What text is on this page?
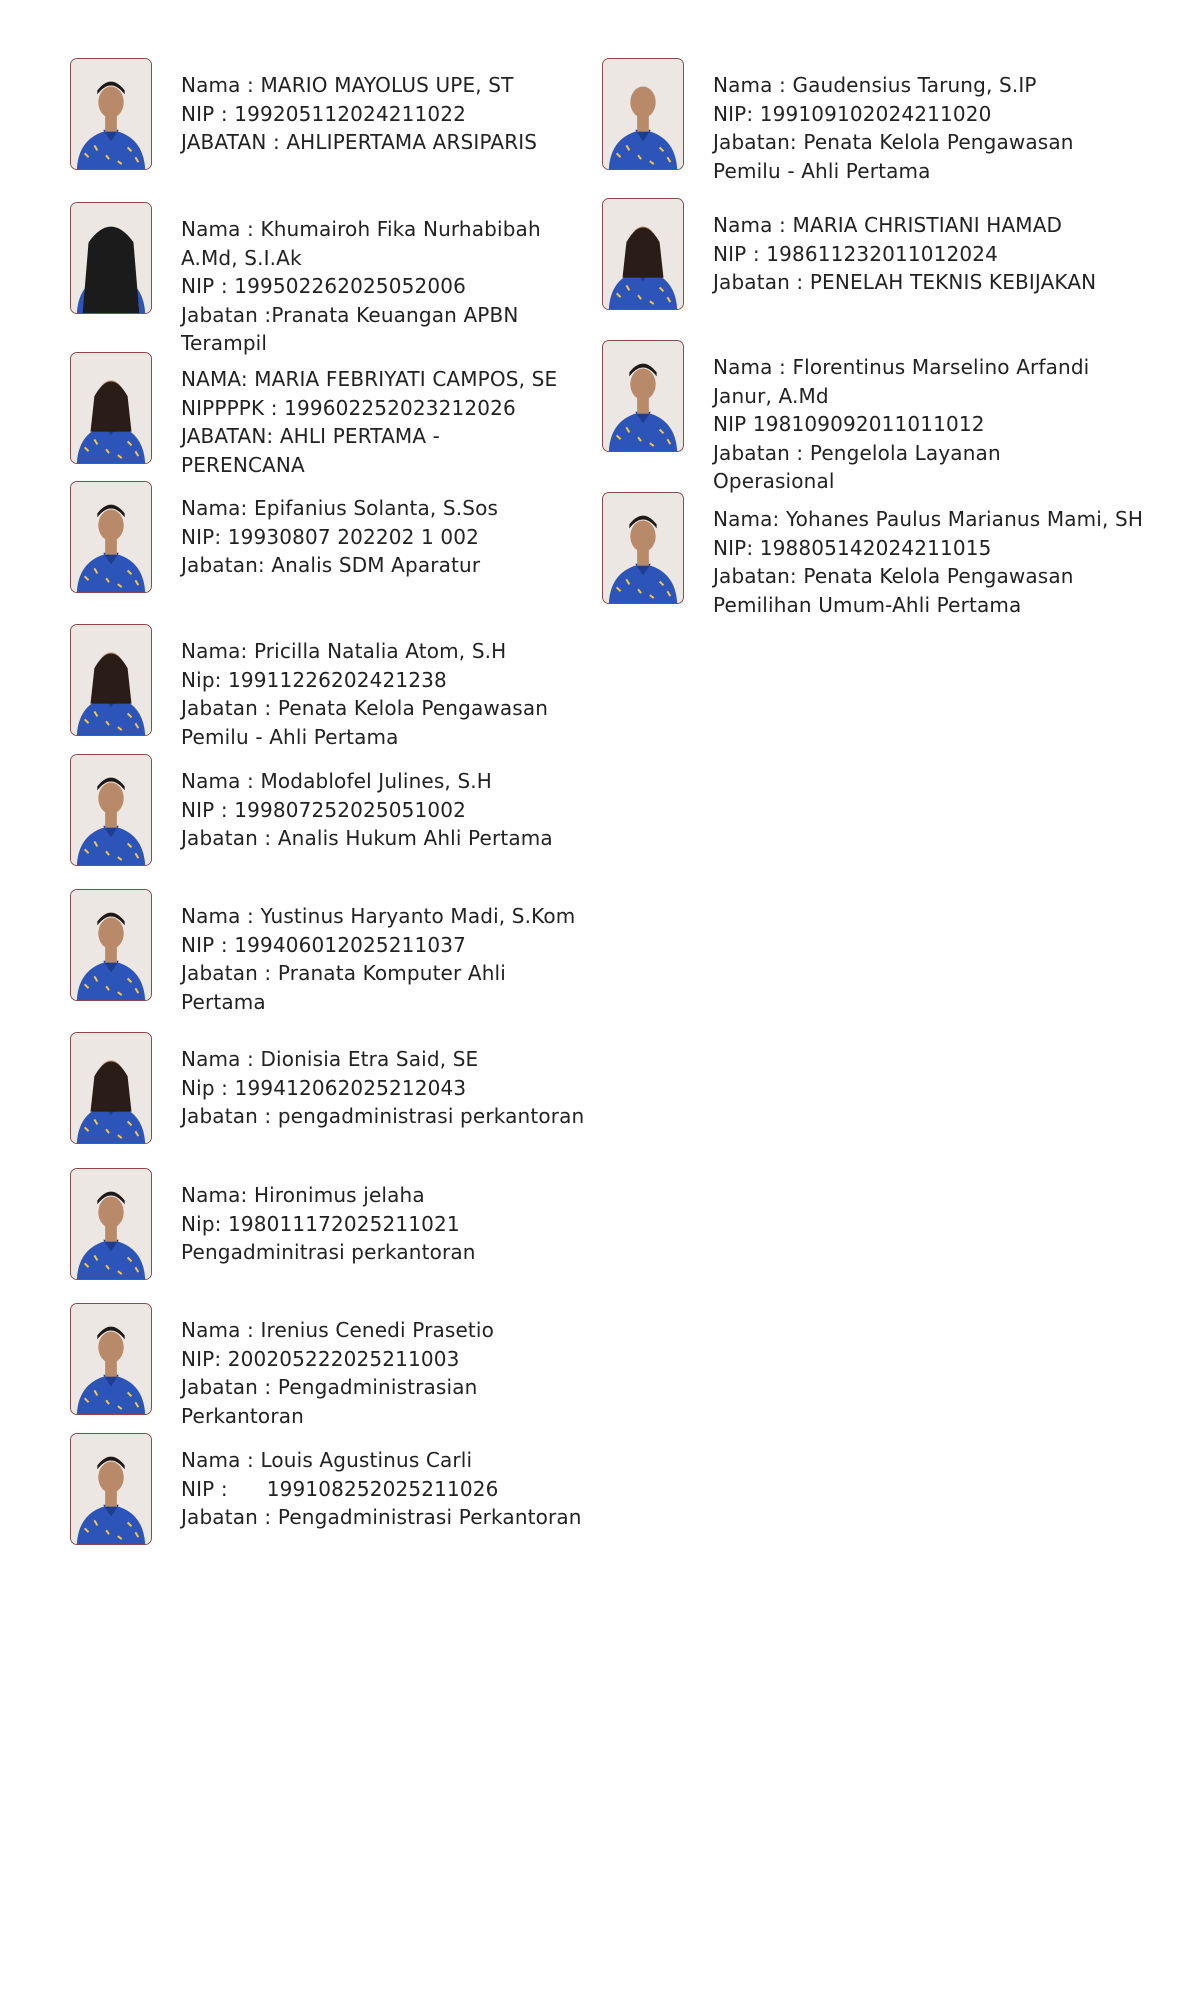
Nama : MARIO MAYOLUS UPE, ST
NIP : 199205112024211022
JABATAN : AHLIPERTAMA ARSIPARIS
Nama : Khumairoh Fika Nurhabibah
A.Md, S.I.Ak
NIP : 199502262025052006
Jabatan :Pranata Keuangan APBN
Terampil
NAMA: MARIA FEBRIYATI CAMPOS, SE
NIPPPPK : 199602252023212026
JABATAN: AHLI PERTAMA -
PERENCANA
Nama: Epifanius Solanta, S.Sos
NIP: 19930807 202202 1 002
Jabatan: Analis SDM Aparatur
Nama: Pricilla Natalia Atom, S.H
Nip: 19911226202421238
Jabatan : Penata Kelola Pengawasan
Pemilu - Ahli Pertama
Nama : Modablofel Julines, S.H
NIP : 199807252025051002
Jabatan : Analis Hukum Ahli Pertama
Nama : Yustinus Haryanto Madi, S.Kom
NIP : 199406012025211037
Jabatan : Pranata Komputer Ahli
Pertama
Nama : Dionisia Etra Said, SE
Nip : 199412062025212043
Jabatan : pengadministrasi perkantoran
Nama: Hironimus jelaha
Nip: 198011172025211021
Pengadminitrasi perkantoran
Nama : Irenius Cenedi Prasetio
NIP: 200205222025211003
Jabatan : Pengadministrasian
Perkantoran
Nama : Louis Agustinus Carli
NIP :      199108252025211026
Jabatan : Pengadministrasi Perkantoran
Nama : Gaudensius Tarung, S.IP
NIP: 199109102024211020
Jabatan: Penata Kelola Pengawasan
Pemilu - Ahli Pertama
Nama : MARIA CHRISTIANI HAMAD
NIP : 198611232011012024
Jabatan : PENELAH TEKNIS KEBIJAKAN
Nama : Florentinus Marselino Arfandi
Janur, A.Md
NIP 198109092011011012
Jabatan : Pengelola Layanan
Operasional
Nama: Yohanes Paulus Marianus Mami, SH
NIP: 198805142024211015
Jabatan: Penata Kelola Pengawasan
Pemilihan Umum-Ahli Pertama
